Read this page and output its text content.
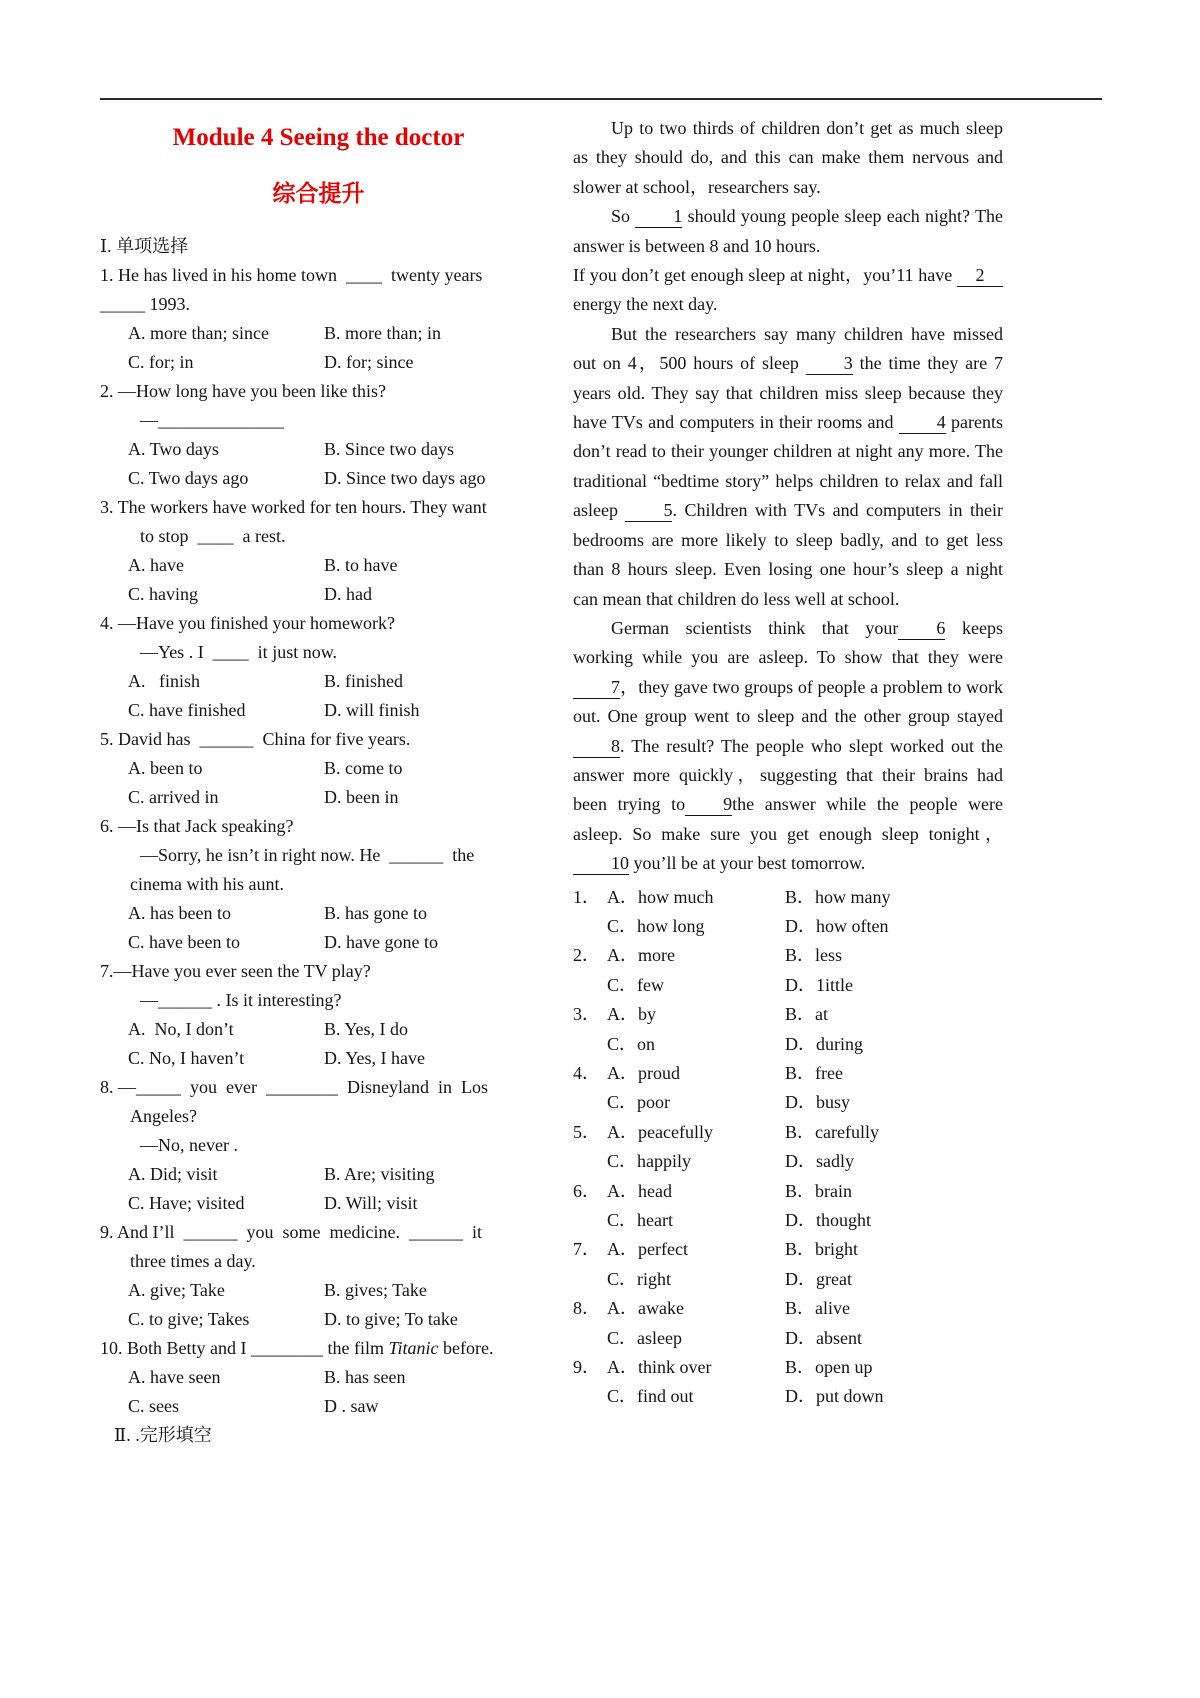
Module 4 Seeing the doctor
综合提升
Ⅰ. 单项选择
1. He has lived in his home town  ____  twenty years
_____ 1993.
A. more than; since	B. more than; in
C. for; in	D. for; since
2. —How long have you been like this?
—______________
A. Two days	B. Since two days
C. Two days ago	D. Since two days ago
3. The workers have worked for ten hours. They want
to stop  ____  a rest.
A. have	B. to have
C. having	D. had
4. —Have you finished your homework?
—Yes . I  ____  it just now.
A.   finish	B. finished
C. have finished	D. will finish
5. David has  ______  China for five years.
A. been to	B. come to
C. arrived in	D. been in
6. —Is that Jack speaking?
—Sorry, he isn’t in right now. He  ______  the
cinema with his aunt.
A. has been to	B. has gone to
C. have been to	D. have gone to
7.—Have you ever seen the TV play?
—______ . Is it interesting?
A.  No, I don’t	B. Yes, I do
C. No, I haven’t	D. Yes, I have
8. —_____  you  ever  ________  Disneyland  in  Los
Angeles?
—No, never .
A. Did; visit	B. Are; visiting
C. Have; visited	D. Will; visit
9. And I’ll  ______  you  some  medicine.  ______  it
three times a day.
A. give; Take	B. gives; Take
C. to give; Takes	D. to give; To take
10. Both Betty and I ________ the film Titanic before.
A. have seen	B. has seen
C. sees	D . saw
Ⅱ. .完形填空

Up to two thirds of children don’t get as much sleep as they should do, and this can make them nervous and slower at school，researchers say.

So 1 should young people sleep each night? The answer is between 8 and 10 hours.

If you don’t get enough sleep at night，you’11 have 2energy the next day.

But the researchers say many children have missed out on 4，500 hours of sleep 3 the time they are 7 years old. They say that children miss sleep because they have TVs and computers in their rooms and 4 parents don’t read to their younger children at night any more. The traditional “bedtime story” helps children to relax and fall asleep 5. Children with TVs and computers in their bedrooms are more likely to sleep badly, and to get less than 8 hours sleep. Even losing one hour’s sleep a night can mean that children do less well at school.

German scientists think that your 6 keeps working while you are asleep. To show that they were 7，they gave two groups of people a problem to work out. One group went to sleep and the other group stayed 8. The result? The people who slept worked out the answer more quickly，suggesting that their brains had been trying to 9the answer while the people were asleep. So make sure you get enough sleep tonight，10 you’ll be at your best tomorrow.

1． A．how much	B．how many

C．how long	D．how often
2． A．more	B．less

C．few	D．1ittle
3． A．by	B．at

C．on	D．during
4． A．proud	B．free

C．poor	D．busy
5． A．peacefully	B．carefully

C．happily	D．sadly
6． A．head	B．brain

C．heart	D．thought
7． A．perfect	B．bright

C．right	D．great
8． A．awake	B．alive

C．asleep	D．absent
9． A．think over	B．open up

C．find out	D．put down
